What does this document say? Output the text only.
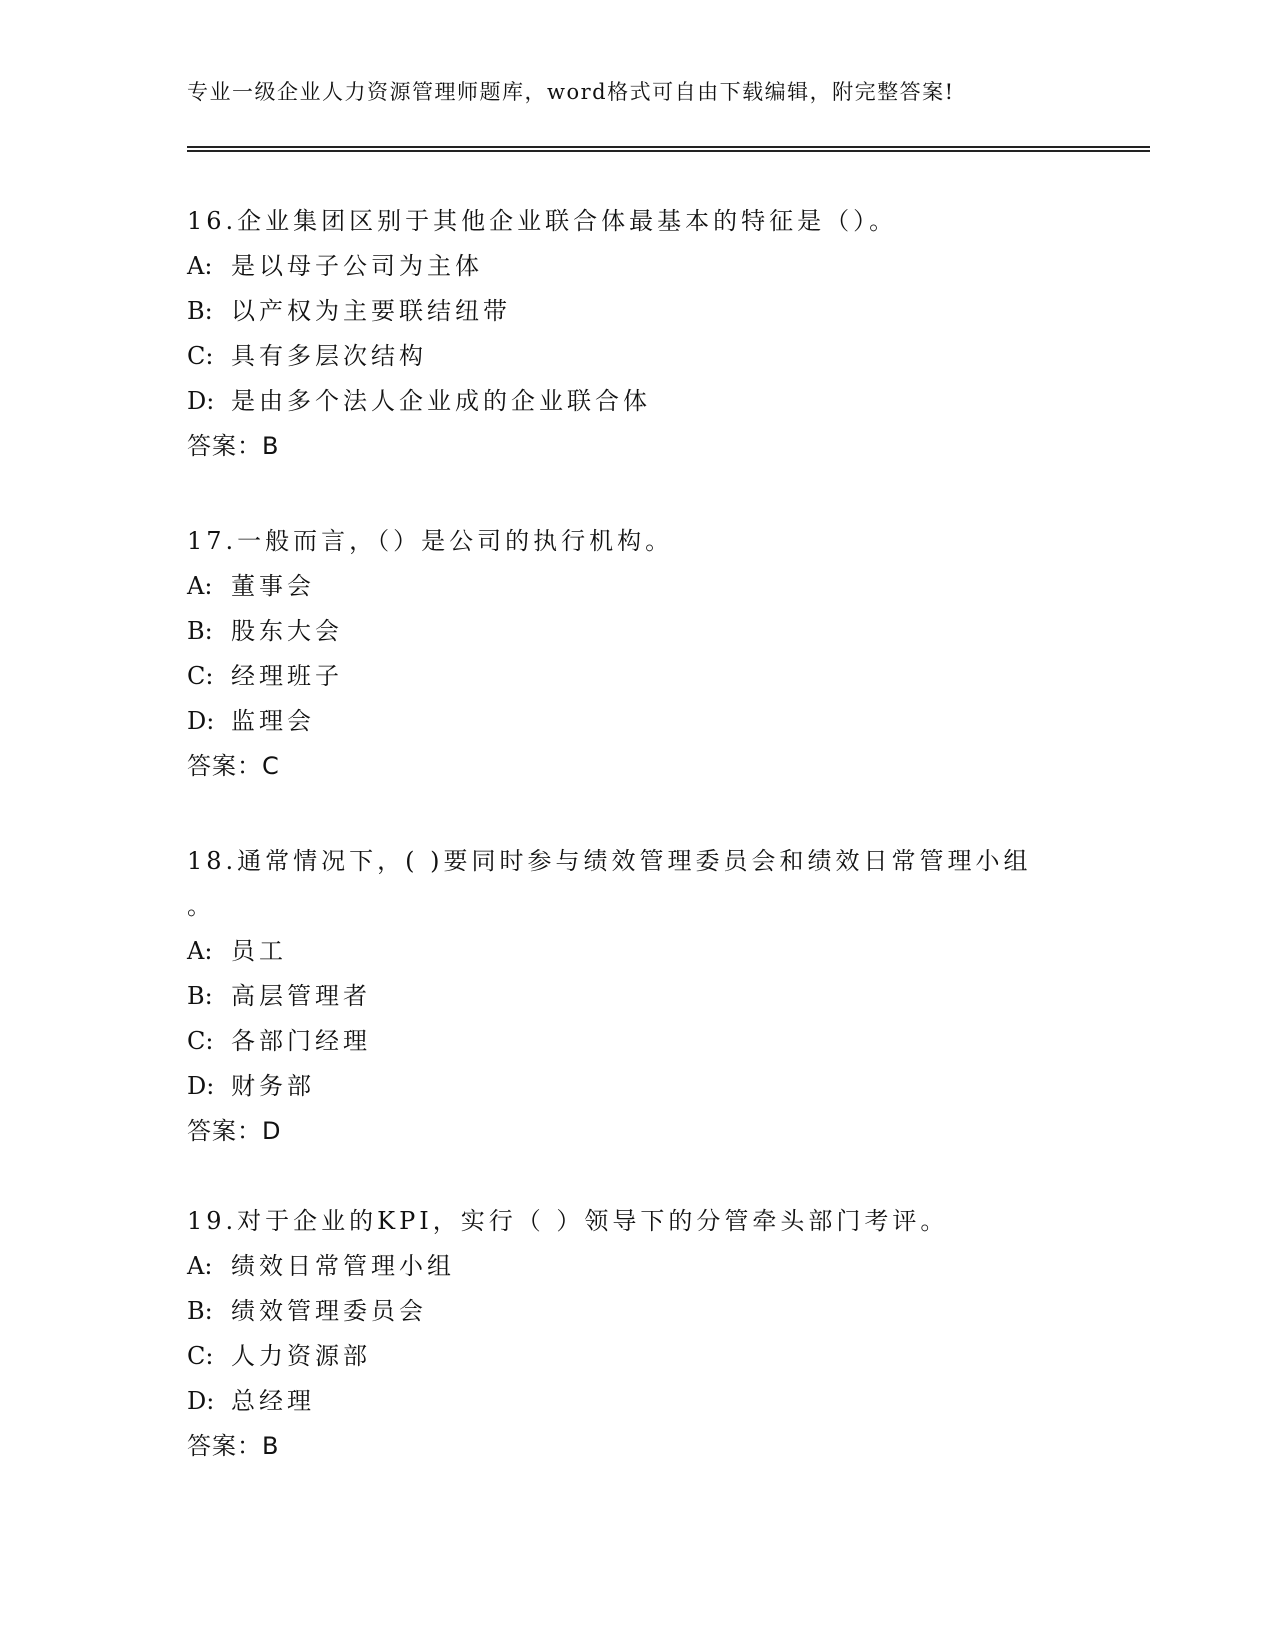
专业一级企业人力资源管理师题库，word格式可自由下载编辑，附完整答案!
16.企业集团区别于其他企业联合体最基本的特征是（）。
A: 是以母子公司为主体
B: 以产权为主要联结纽带
C: 具有多层次结构
D: 是由多个法人企业成的企业联合体
答案：B
17.一般而言，（）是公司的执行机构。
A: 董事会
B: 股东大会
C: 经理班子
D: 监理会
答案：C
18.通常情况下，( )要同时参与绩效管理委员会和绩效日常管理小组
。
A: 员工
B: 高层管理者
C: 各部门经理
D: 财务部
答案：D
19.对于企业的KPI，实行（ ）领导下的分管牵头部门考评。
A: 绩效日常管理小组
B: 绩效管理委员会
C: 人力资源部
D: 总经理
答案：B
